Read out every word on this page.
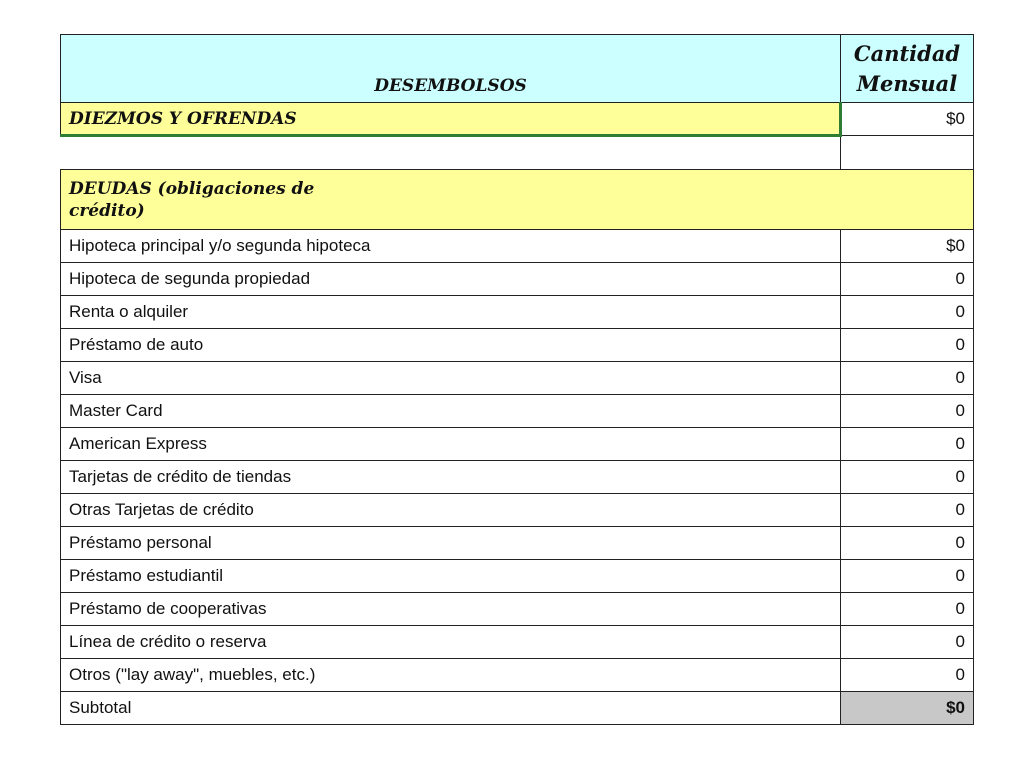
DESEMBOLSOS	Cantidad Mensual
DIEZMOS Y OFRENDAS	$0

DEUDAS (obligaciones de crédito)	
Hipoteca principal y/o segunda hipoteca	$0
Hipoteca de segunda propiedad	0
Renta o alquiler	0
Préstamo de auto	0
Visa	0
Master Card	0
American Express	0
Tarjetas de crédito de tiendas	0
Otras Tarjetas de crédito	0
Préstamo personal	0
Préstamo estudiantil	0
Préstamo de cooperativas	0
Línea de crédito o reserva	0
Otros ("lay away", muebles, etc.)	0
Subtotal	$0
